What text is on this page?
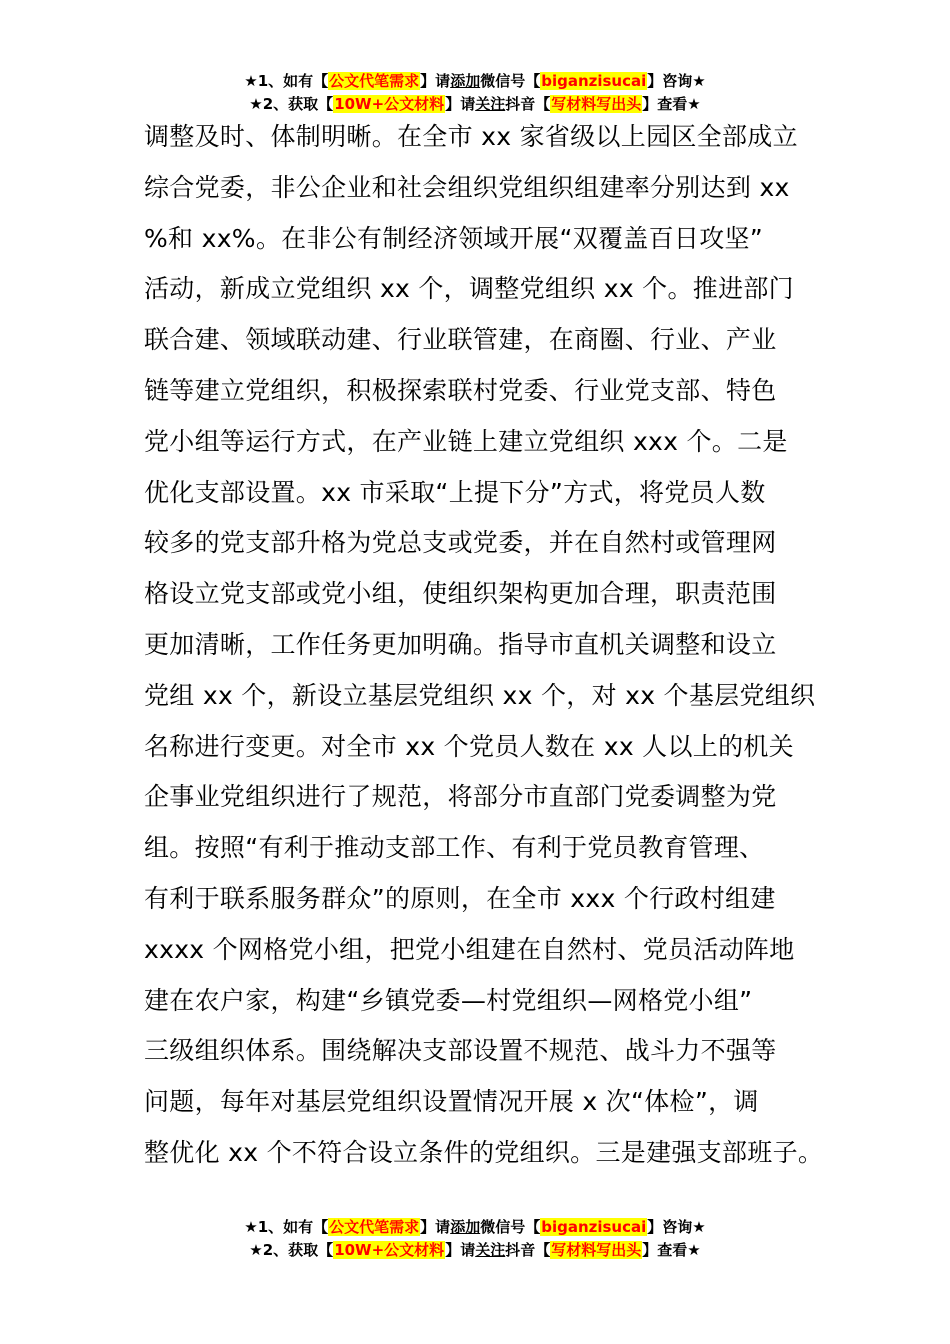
★1、如有【公文代笔需求】请添加微信号【biganzisucai】咨询★
★2、获取【10W+公文材料】请关注抖音【写材料写出头】查看★
调整及时、体制明晰。在全市 xx 家省级以上园区全部成立
综合党委，非公企业和社会组织党组织组建率分别达到 xx
%和 xx%。在非公有制经济领域开展“双覆盖百日攻坚”
活动，新成立党组织 xx 个，调整党组织 xx 个。推进部门
联合建、领域联动建、行业联管建，在商圈、行业、产业
链等建立党组织，积极探索联村党委、行业党支部、特色
党小组等运行方式，在产业链上建立党组织 xxx 个。二是
优化支部设置。xx 市采取“上提下分”方式，将党员人数
较多的党支部升格为党总支或党委，并在自然村或管理网
格设立党支部或党小组，使组织架构更加合理，职责范围
更加清晰，工作任务更加明确。指导市直机关调整和设立
党组 xx 个，新设立基层党组织 xx 个，对 xx 个基层党组织
名称进行变更。对全市 xx 个党员人数在 xx 人以上的机关
企事业党组织进行了规范，将部分市直部门党委调整为党
组。按照“有利于推动支部工作、有利于党员教育管理、
有利于联系服务群众”的原则，在全市 xxx 个行政村组建
xxxx 个网格党小组，把党小组建在自然村、党员活动阵地
建在农户家，构建“乡镇党委—村党组织—网格党小组”
三级组织体系。围绕解决支部设置不规范、战斗力不强等
问题，每年对基层党组织设置情况开展 x 次“体检”，调
整优化 xx 个不符合设立条件的党组织。三是建强支部班子。
★1、如有【公文代笔需求】请添加微信号【biganzisucai】咨询★
★2、获取【10W+公文材料】请关注抖音【写材料写出头】查看★
